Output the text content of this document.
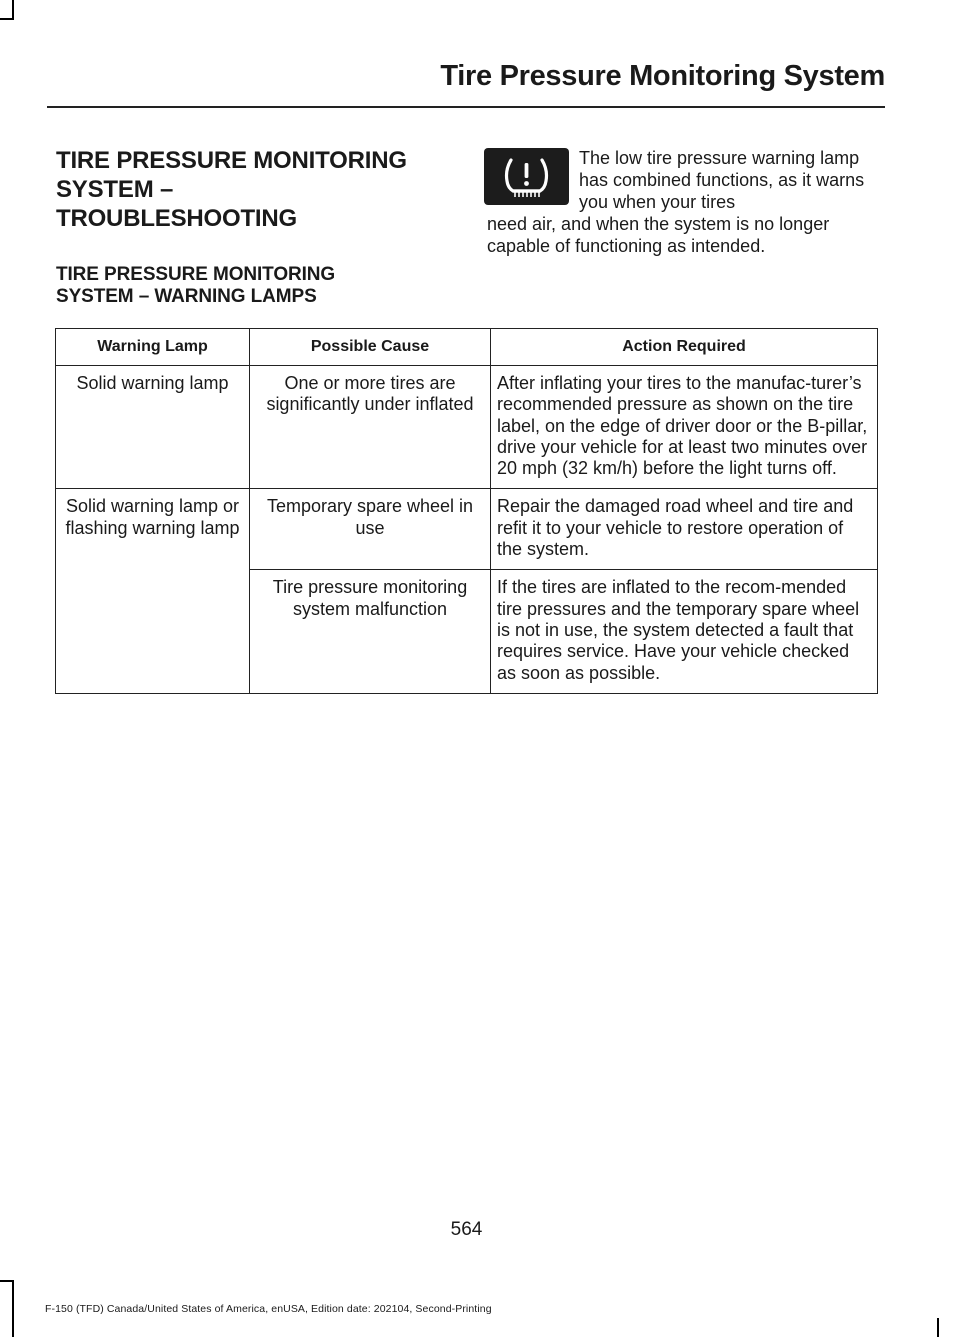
Tire Pressure Monitoring System
TIRE PRESSURE MONITORING
SYSTEM –
TROUBLESHOOTING
TIRE PRESSURE MONITORING
SYSTEM – WARNING LAMPS
The low tire pressure warning lamp has combined functions, as it warns you when your tires
need air, and when the system is no longer capable of functioning as intended.
Warning Lamp	Possible Cause	Action Required
Solid warning lamp	One or more tires are significantly under inflated	After inflating your tires to the manufac-turer’s recommended pressure as shown on the tire label, on the edge of driver door or the B-pillar, drive your vehicle for at least two minutes over 20 mph (32 km/h) before the light turns off.
Solid warning lamp or flashing warning lamp	Temporary spare wheel in use	Repair the damaged road wheel and tire and refit it to your vehicle to restore operation of the system.
	Tire pressure monitoring system malfunction	If the tires are inflated to the recom-mended tire pressures and the temporary spare wheel is not in use, the system detected a fault that requires service. Have your vehicle checked as soon as possible.
564
F-150 (TFD) Canada/United States of America, enUSA, Edition date: 202104, Second-Printing
